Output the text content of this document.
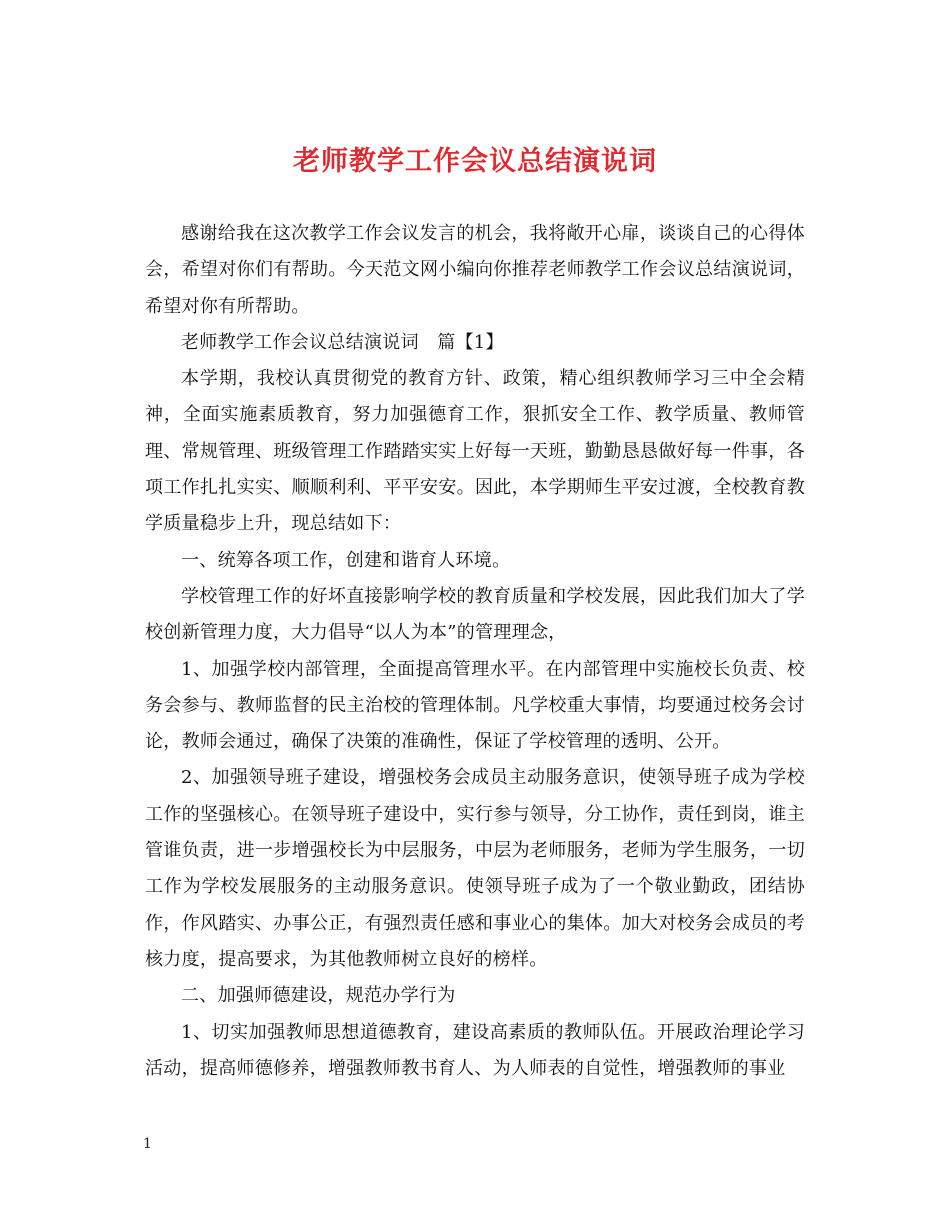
老师教学工作会议总结演说词

感谢给我在这次教学工作会议发言的机会，我将敞开心扉，谈谈自己的心得体会，希望对你们有帮助。今天范文网小编向你推荐老师教学工作会议总结演说词，希望对你有所帮助。

老师教学工作会议总结演说词　篇【1】

本学期，我校认真贯彻党的教育方针、政策，精心组织教师学习三中全会精神，全面实施素质教育，努力加强德育工作，狠抓安全工作、教学质量、教师管理、常规管理、班级管理工作踏踏实实上好每一天班，勤勤恳恳做好每一件事，各项工作扎扎实实、顺顺利利、平平安安。因此，本学期师生平安过渡，全校教育教学质量稳步上升，现总结如下：

一、统筹各项工作，创建和谐育人环境。

学校管理工作的好坏直接影响学校的教育质量和学校发展，因此我们加大了学校创新管理力度，大力倡导“以人为本”的管理理念，

1、加强学校内部管理，全面提高管理水平。在内部管理中实施校长负责、校务会参与、教师监督的民主治校的管理体制。凡学校重大事情，均要通过校务会讨论，教师会通过，确保了决策的准确性，保证了学校管理的透明、公开。

2、加强领导班子建设，增强校务会成员主动服务意识，使领导班子成为学校工作的坚强核心。在领导班子建设中，实行参与领导，分工协作，责任到岗，谁主管谁负责，进一步增强校长为中层服务，中层为老师服务，老师为学生服务，一切工作为学校发展服务的主动服务意识。使领导班子成为了一个敬业勤政，团结协作，作风踏实、办事公正，有强烈责任感和事业心的集体。加大对校务会成员的考核力度，提高要求，为其他教师树立良好的榜样。

二、加强师德建设，规范办学行为

1、切实加强教师思想道德教育，建设高素质的教师队伍。开展政治理论学习活动，提高师德修养，增强教师教书育人、为人师表的自觉性，增强教师的事业

1
